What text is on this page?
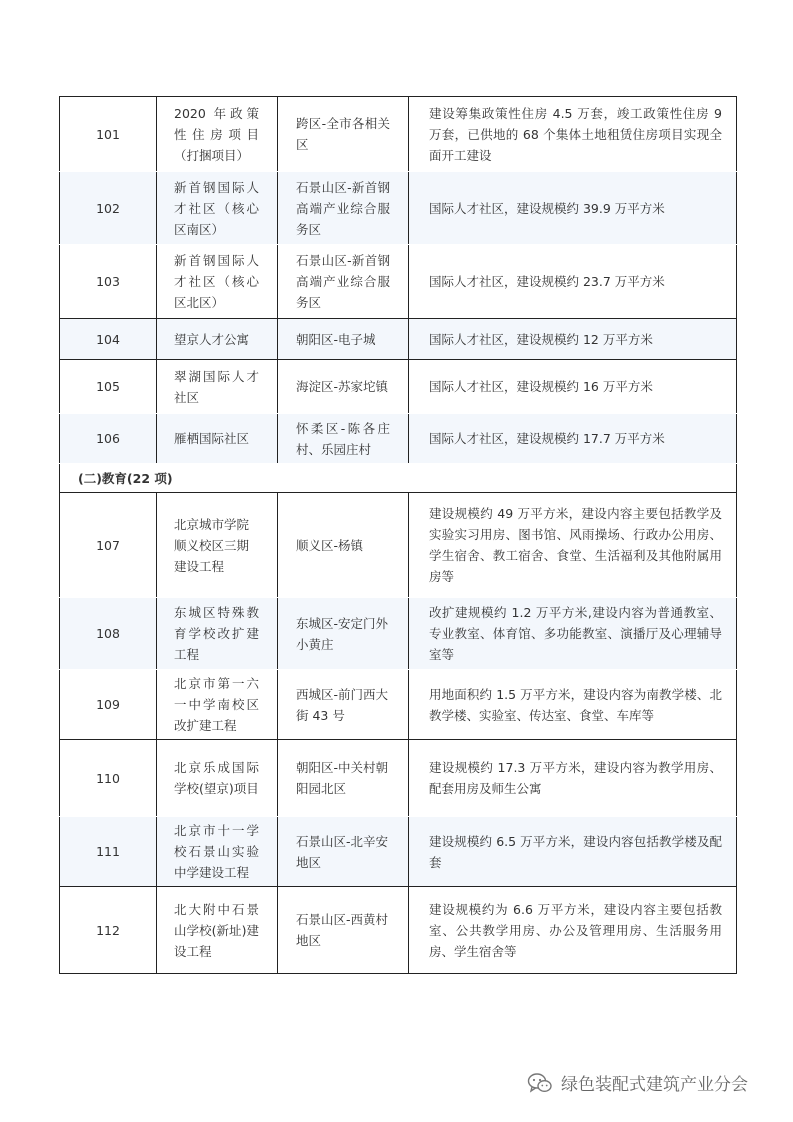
101	2020 年政策性住房项目（打捆项目）	跨区-全市各相关区	建设筹集政策性住房 4.5 万套，竣工政策性住房 9 万套，已供地的 68 个集体土地租赁住房项目实现全面开工建设
102	新首钢国际人才社区（核心区南区）	石景山区-新首钢高端产业综合服务区	国际人才社区，建设规模约 39.9 万平方米
103	新首钢国际人才社区（核心区北区）	石景山区-新首钢高端产业综合服务区	国际人才社区，建设规模约 23.7 万平方米
104	望京人才公寓	朝阳区-电子城	国际人才社区，建设规模约 12 万平方米
105	翠湖国际人才社区	海淀区-苏家坨镇	国际人才社区，建设规模约 16 万平方米
106	雁栖国际社区	怀柔区-陈各庄村、乐园庄村	国际人才社区，建设规模约 17.7 万平方米
(二)教育(22 项)			
107	北京城市学院顺义校区三期建设工程	顺义区-杨镇	建设规模约 49 万平方米，建设内容主要包括教学及实验实习用房、图书馆、风雨操场、行政办公用房、学生宿舍、教工宿舍、食堂、生活福利及其他附属用房等
108	东城区特殊教育学校改扩建工程	东城区-安定门外小黄庄	改扩建规模约 1.2 万平方米,建设内容为普通教室、专业教室、体育馆、多功能教室、演播厅及心理辅导室等
109	北京市第一六一中学南校区改扩建工程	西城区-前门西大街 43 号	用地面积约 1.5 万平方米，建设内容为南教学楼、北教学楼、实验室、传达室、食堂、车库等
110	北京乐成国际学校(望京)项目	朝阳区-中关村朝阳园北区	建设规模约 17.3 万平方米，建设内容为教学用房、配套用房及师生公寓
111	北京市十一学校石景山实验中学建设工程	石景山区-北辛安地区	建设规模约 6.5 万平方米，建设内容包括教学楼及配套
112	北大附中石景山学校(新址)建设工程	石景山区-西黄村地区	建设规模约为 6.6 万平方米，建设内容主要包括教室、公共教学用房、办公及管理用房、生活服务用房、学生宿舍等
绿色装配式建筑产业分会
